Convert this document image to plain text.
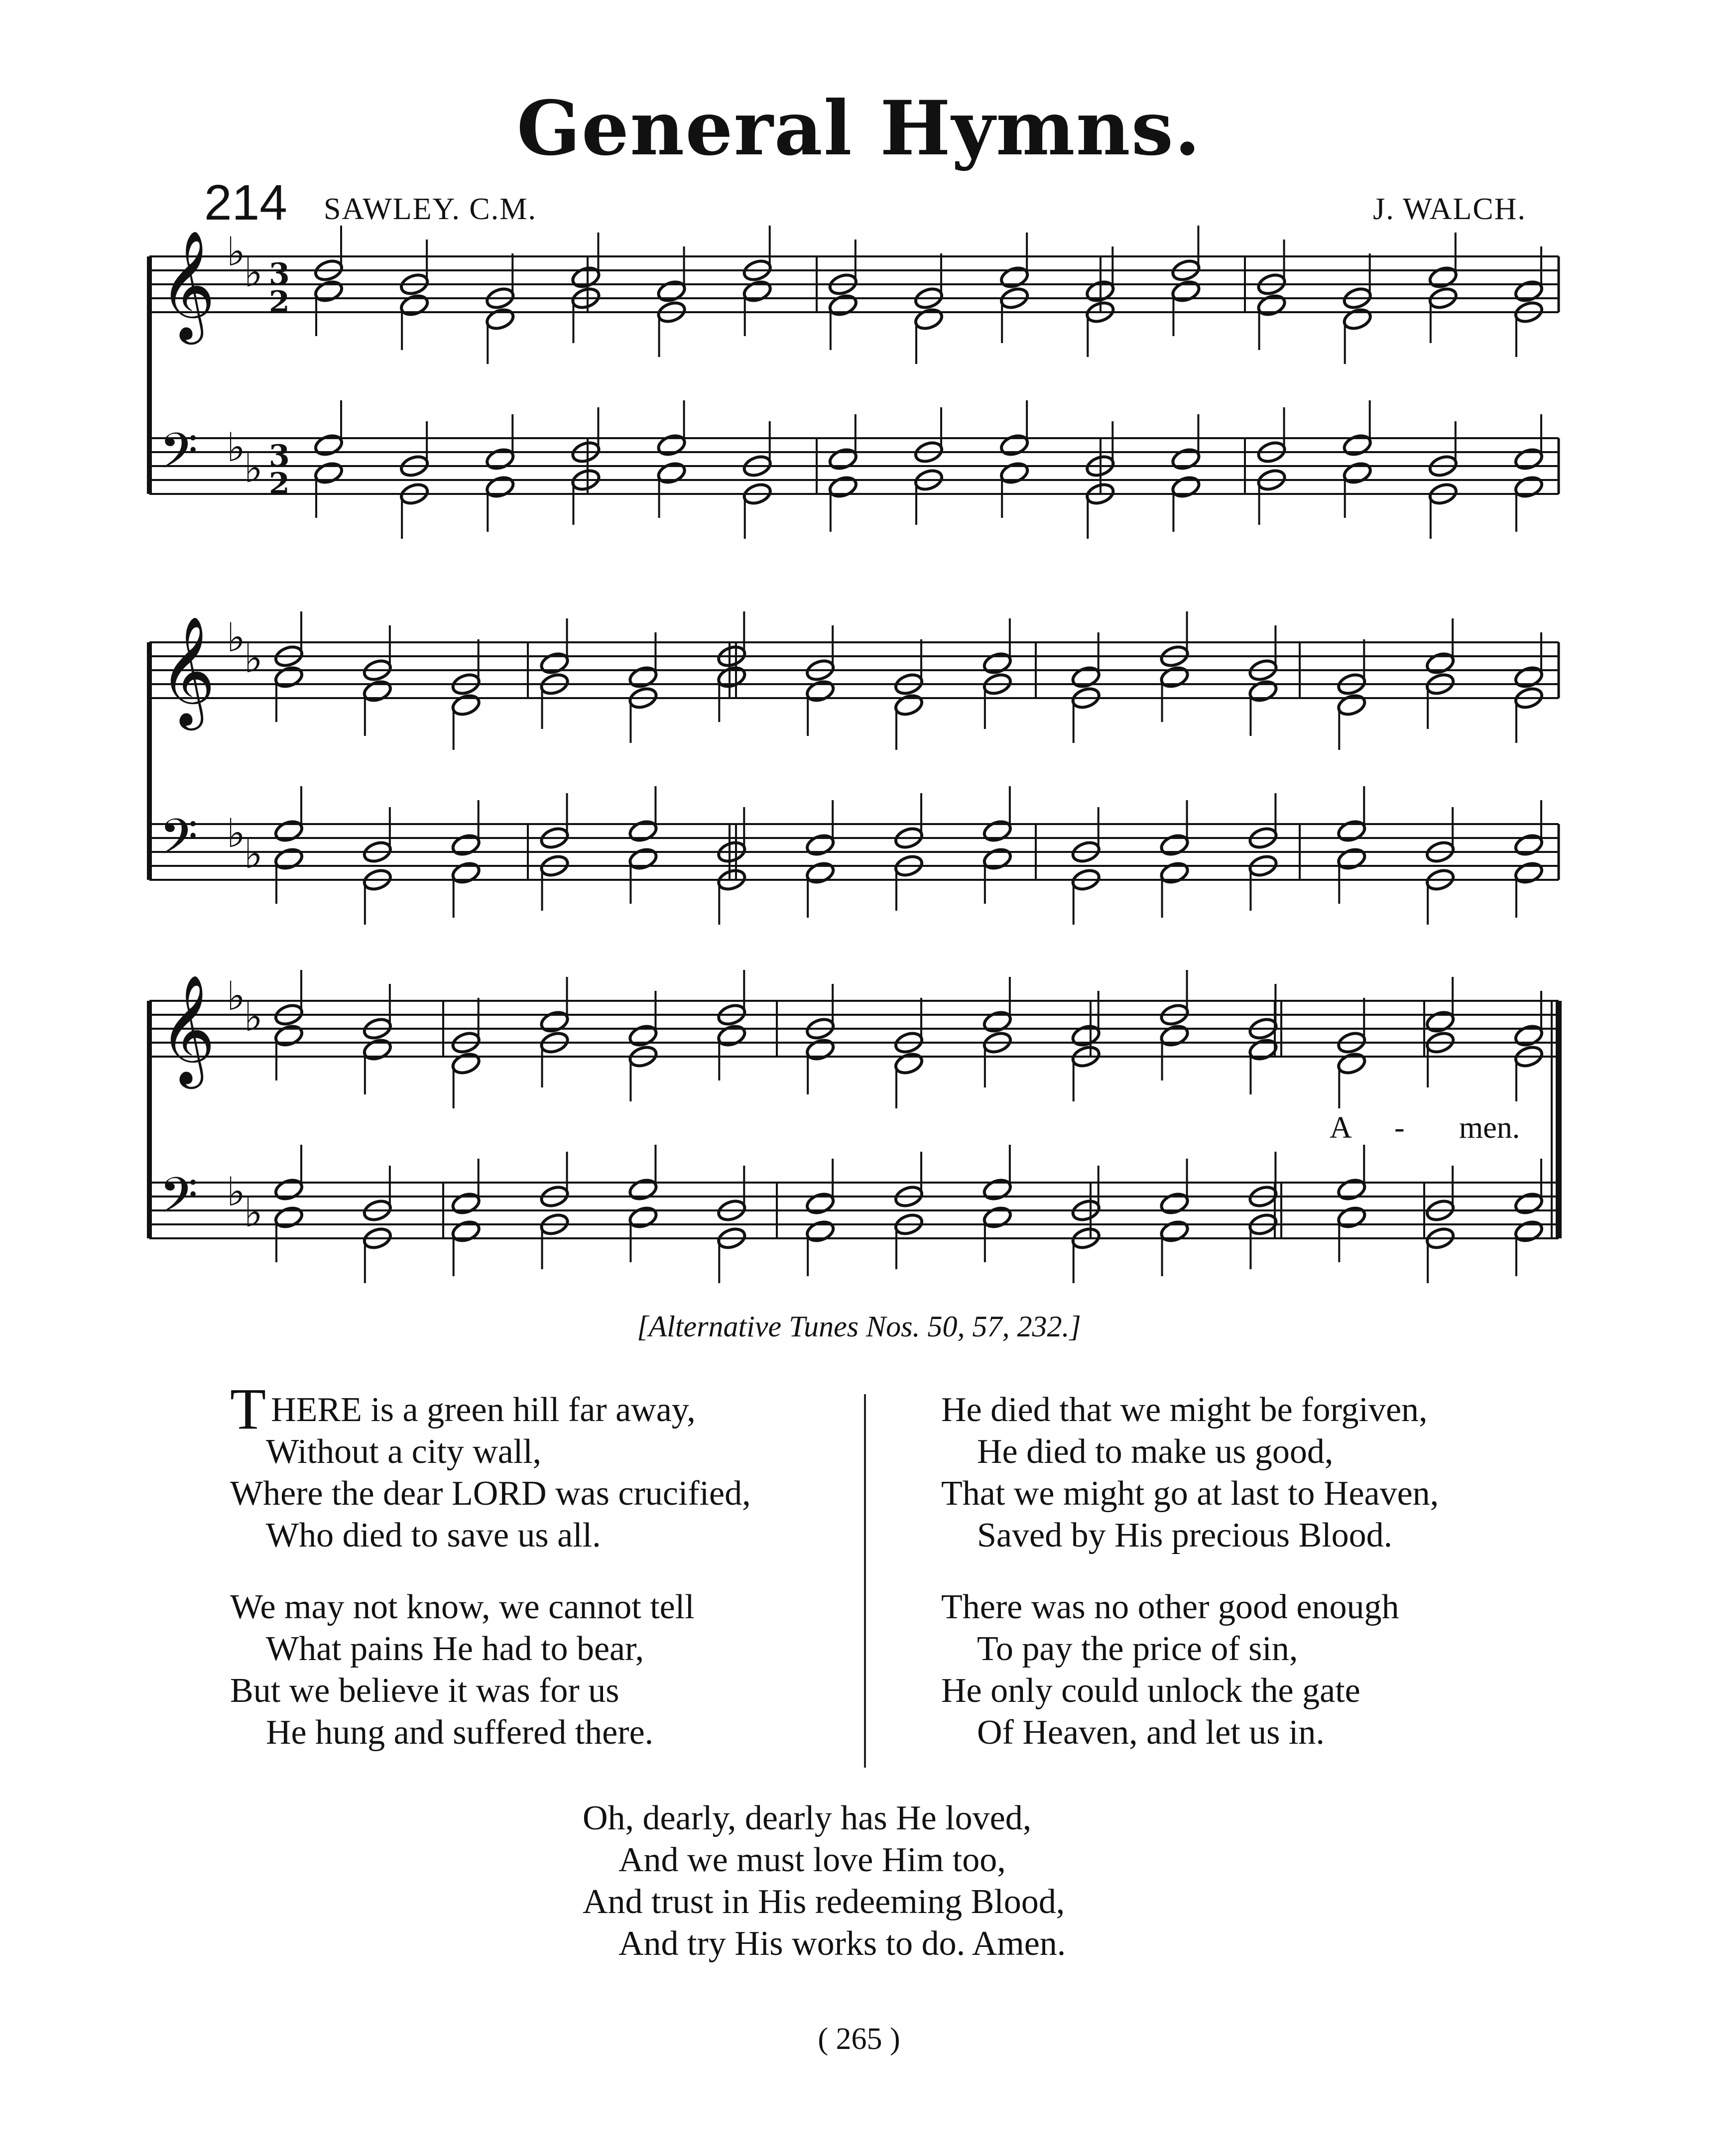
General Hymns.
214 SAWLEY. C.M.	J. WALCH.
𝄞 ♭
♭ 3
2
𝄢 ♭
♭ 3
2
𝄞 ♭
♭
𝄢 ♭
♭
𝄞 ♭
♭
𝄢 ♭
♭
A - men.
[Alternative Tunes Nos. 50, 57, 232.]
THERE is a green hill far away,
Without a city wall,
Where the dear LORD was crucified,
Who died to save us all.
We may not know, we cannot tell
What pains He had to bear,
But we believe it was for us
He hung and suffered there.
He died that we might be forgiven,
He died to make us good,
That we might go at last to Heaven,
Saved by His precious Blood.
There was no other good enough
To pay the price of sin,
He only could unlock the gate
Of Heaven, and let us in.
Oh, dearly, dearly has He loved,
And we must love Him too,
And trust in His redeeming Blood,
And try His works to do. Amen.
( 265 )
